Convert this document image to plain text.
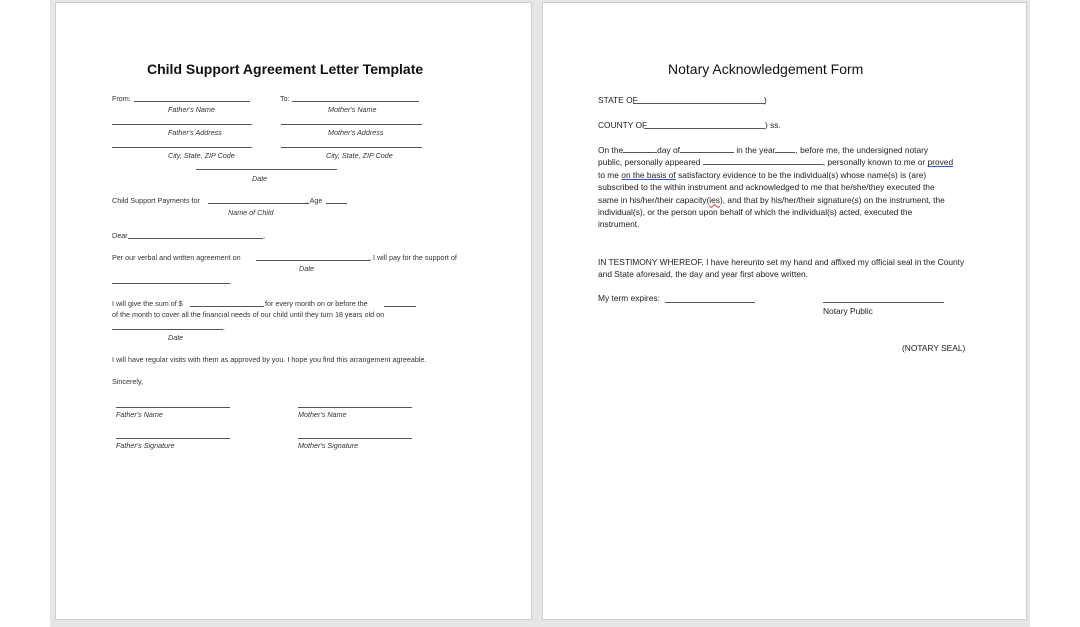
Child Support Agreement Letter Template
From:	To:
Father's Name	Mother's Name
Father's Address	Mother's Address
City, State, ZIP Code	City, State, ZIP Code
Date
Child Support Payments for	, Age
Name of Child
Dear	,
Per our verbal and written agreement on	, I will pay for the support of
Date
.
I will give the sum of $	for every month on or before the
of the month to cover all the financial needs of our child until they turn 18 years old on
.
Date
I will have regular visits with them as approved by you. I hope you find this arrangement agreeable.
Sincerely,
Father's Name	Mother's Name
Father's Signature	Mother's Signature
Notary Acknowledgement Form
STATE OF	)
COUNTY OF	) ss.
On the	day of	in the year , before me, the undersigned notary
public, personally appeared	, personally known to me or proved
to me on the basis of satisfactory evidence to be the individual(s) whose name(s) is (are)
subscribed to the within instrument and acknowledged to me that he/she/they executed the
same in his/her/their capacity(ies), and that by his/her/their signature(s) on the instrument, the
individual(s), or the person upon behalf of which the individual(s) acted, executed the
instrument.
IN TESTIMONY WHEREOF, I have hereunto set my hand and affixed my official seal in the County
and State aforesaid, the day and year first above written.
My term expires:
Notary Public
(NOTARY SEAL)
